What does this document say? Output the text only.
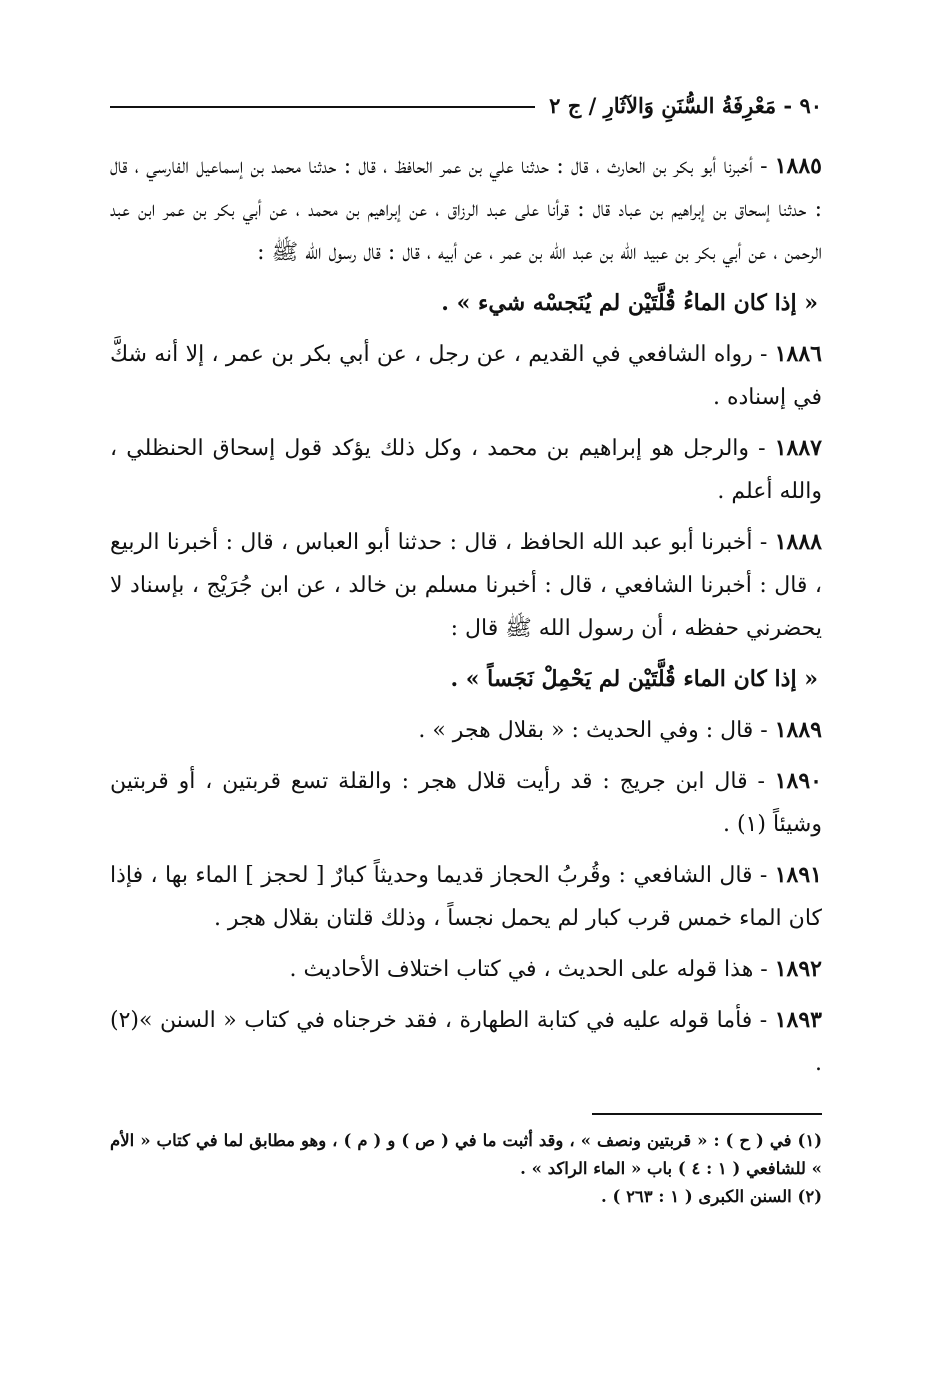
٩٠ - مَعْرِفَةُ السُّنَنِ وَالآثَارِ / ج ٢

١٨٨٥ - أخبرنا أبو بكر بن الحارث ، قال : حدثنا علي بن عمر الحافظ ، قال : حدثنا محمد بن إسماعيل الفارسي ، قال : حدثنا إسحاق بن إبراهيم بن عباد قال : قرأنا على عبد الرزاق ، عن إبراهيم بن محمد ، عن أبي بكر بن عمر ابن عبد الرحمن ، عن أبي بكر بن عبيد الله بن عبد الله بن عمر ، عن أبيه ، قال : قال رسول الله ﷺ :

« إذا كان الماءُ قُلَّتَيْن لم يُنَجسْه شيء » .

١٨٨٦ - رواه الشافعي في القديم ، عن رجل ، عن أبي بكر بن عمر ، إلا أنه شكَّ في إسناده .

١٨٨٧ - والرجل هو إبراهيم بن محمد ، وكل ذلك يؤكد قول إسحاق الحنظلي ، والله أعلم .

١٨٨٨ - أخبرنا أبو عبد الله الحافظ ، قال : حدثنا أبو العباس ، قال : أخبرنا الربيع ، قال : أخبرنا الشافعي ، قال : أخبرنا مسلم بن خالد ، عن ابن جُرَيْج ، بإسناد لا يحضرني حفظه ، أن رسول الله ﷺ قال :

« إذا كان الماء قُلَّتَيْن لم يَحْمِلْ نَجَساً » .

١٨٨٩ - قال : وفي الحديث : « بقلال هجر » .

١٨٩٠ - قال ابن جريج : قد رأيت قلال هجر : والقلة تسع قربتين ، أو قربتين وشيئاً (١) .

١٨٩١ - قال الشافعي : وقُربُ الحجاز قديما وحديثاً كبارٌ [ لحجز ] الماء بها ، فإذا كان الماء خمس قرب كبار لم يحمل نجساً ، وذلك قلتان بقلال هجر .

١٨٩٢ - هذا قوله على الحديث ، في كتاب اختلاف الأحاديث .

١٨٩٣ - فأما قوله عليه في كتابة الطهارة ، فقد خرجناه في كتاب « السنن »(٢) .

(١) في ( ح ) : « قربتين ونصف » ، وقد أثبت ما في ( ص ) و ( م ) ، وهو مطابق لما في كتاب « الأم » للشافعي ( ١ : ٤ ) باب « الماء الراكد » .

(٢) السنن الكبرى ( ١ : ٢٦٣ ) .
